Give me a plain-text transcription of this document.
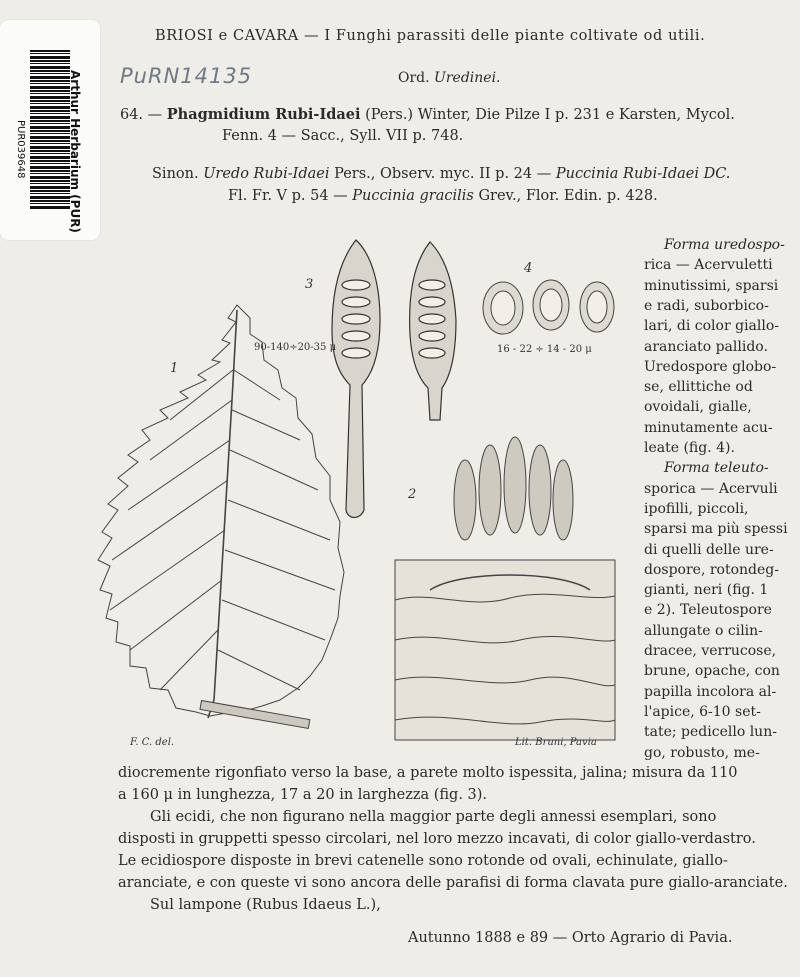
Arthur Herbarium (PUR)
PUR039648
BRIOSI e CAVARA — I Funghi parassiti delle piante coltivate od utili.
PuRN14135	Ord. Uredinei.
64. — Phagmidium Rubi-Idaei (Pers.) Winter, Die Pilze I p. 231 e Karsten, Mycol.
Fenn. 4 — Sacc., Syll. VII p. 748.
Sinon. Uredo Rubi-Idaei Pers., Observ. myc. II p. 24 — Puccinia Rubi-Idaei DC.
Fl. Fr. V p. 54 — Puccinia gracilis Grev., Flor. Edin. p. 428.
1
2
3
4
90-140÷20-35 μ	16 - 22 ÷ 14 - 20 μ
F. C. del.	Lit. Bruni, Pavia
Forma uredospo-
rica — Acervuletti
minutissimi, sparsi
e radi, suborbico-
lari, di color giallo-
aranciato pallido.
Uredospore globo-
se, ellittiche od
ovoidali, gialle,
minutamente acu-
leate (fig. 4).
Forma teleuto-
sporica — Acervuli
ipofilli, piccoli,
sparsi ma più spessi
di quelli delle ure-
dospore, rotondeg-
gianti, neri (fig. 1
e 2). Teleutospore
allungate o cilin-
dracee, verrucose,
brune, opache, con
papilla incolora al-
l'apice, 6-10 set-
tate; pedicello lun-
go, robusto, me-
diocremente rigonfiato verso la base, a parete molto ispessita, jalina; misura da 110
a 160 μ in lunghezza, 17 a 20 in larghezza (fig. 3).
Gli ecidi, che non figurano nella maggior parte degli annessi esemplari, sono
disposti in gruppetti spesso circolari, nel loro mezzo incavati, di color giallo-verdastro.
Le ecidiospore disposte in brevi catenelle sono rotonde od ovali, echinulate, giallo-
aranciate, e con queste vi sono ancora delle parafisi di forma clavata pure giallo-aranciate.
Sul lampone (Rubus Idaeus L.),
Autunno 1888 e 89 — Orto Agrario di Pavia.
